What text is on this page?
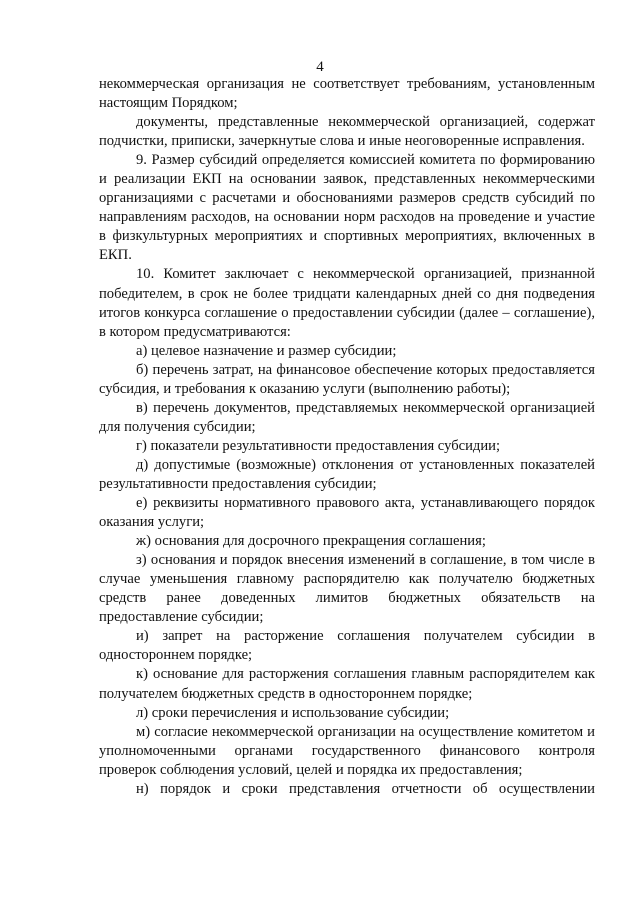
4

некоммерческая организация не соответствует требованиям, установленным настоящим Порядком;

документы, представленные некоммерческой организацией, содержат подчистки, приписки, зачеркнутые слова и иные неоговоренные исправления.

9. Размер субсидий определяется комиссией комитета по формированию и реализации ЕКП на основании заявок, представленных некоммерческими организациями с расчетами и обоснованиями размеров средств субсидий по направлениям расходов, на основании норм расходов на проведение и участие в физкультурных мероприятиях и спортивных мероприятиях, включенных в ЕКП.

10. Комитет заключает с некоммерческой организацией, признанной победителем, в срок не более тридцати календарных дней со дня подведения итогов конкурса соглашение о предоставлении субсидии (далее – соглашение), в котором предусматриваются:

а) целевое назначение и размер субсидии;

б) перечень затрат, на финансовое обеспечение которых предоставляется субсидия, и требования к оказанию услуги (выполнению работы);

в) перечень документов, представляемых некоммерческой организацией для получения субсидии;

г) показатели результативности предоставления субсидии;

д) допустимые (возможные) отклонения от установленных показателей результативности предоставления субсидии;

е) реквизиты нормативного правового акта, устанавливающего порядок оказания услуги;

ж) основания для досрочного прекращения соглашения;

з) основания и порядок внесения изменений в соглашение, в том числе в случае уменьшения главному распорядителю как получателю бюджетных средств ранее доведенных лимитов бюджетных обязательств на предоставление субсидии;

и) запрет на расторжение соглашения получателем субсидии в одностороннем порядке;

к) основание для расторжения соглашения главным распорядителем как получателем бюджетных средств в одностороннем порядке;

л) сроки перечисления и использование субсидии;

м) согласие некоммерческой организации на осуществление комитетом и уполномоченными органами государственного финансового контроля проверок соблюдения условий, целей и порядка их предоставления;

н) порядок и сроки представления отчетности об осуществлении
